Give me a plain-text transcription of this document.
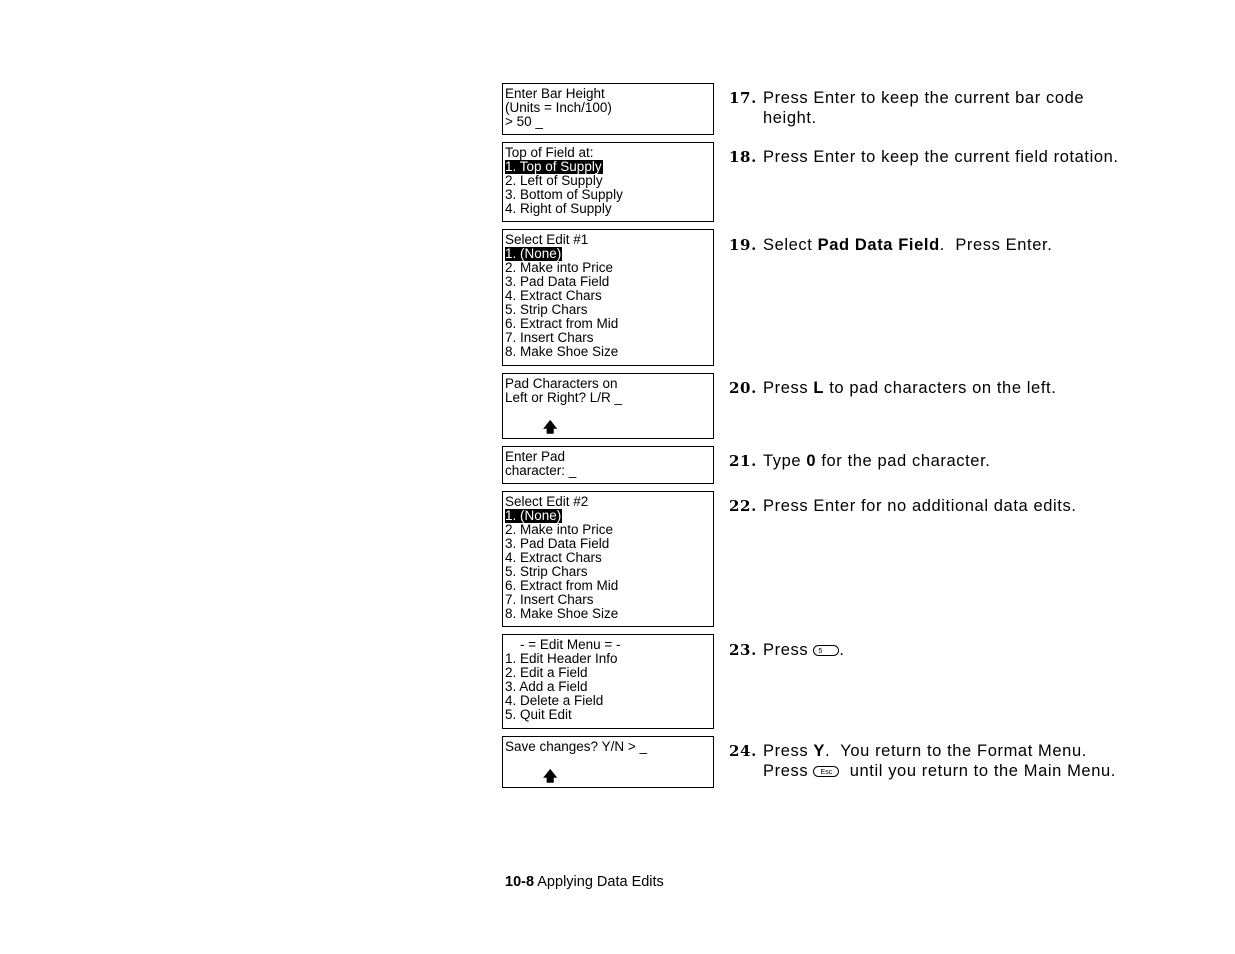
Enter Bar Height
(Units = Inch/100)
> 50 _
Top of Field at:
1. Top of Supply
2. Left of Supply
3. Bottom of Supply
4. Right of Supply
Select Edit #1
1. (None)
2. Make into Price
3. Pad Data Field
4. Extract Chars
5. Strip Chars
6. Extract from Mid
7. Insert Chars
8. Make Shoe Size
Pad Characters on
Left or Right? L/R _
🡅
Enter Pad
character: _
Select Edit #2
1. (None)
2. Make into Price
3. Pad Data Field
4. Extract Chars
5. Strip Chars
6. Extract from Mid
7. Insert Chars
8. Make Shoe Size
- = Edit Menu = -
1. Edit Header Info
2. Edit a Field
3. Add a Field
4. Delete a Field
5. Quit Edit
Save changes? Y/N > _
🡅
17. Press Enter to keep the current bar code
height.
18. Press Enter to keep the current field rotation.
19. Select Pad Data Field.  Press Enter.
20. Press L to pad characters on the left.
21. Type 0 for the pad character.
22. Press Enter for no additional data edits.
23. Press 5 .
24. Press Y.  You return to the Format Menu.
Press Esc  until you return to the Main Menu.
10-8 Applying Data Edits
